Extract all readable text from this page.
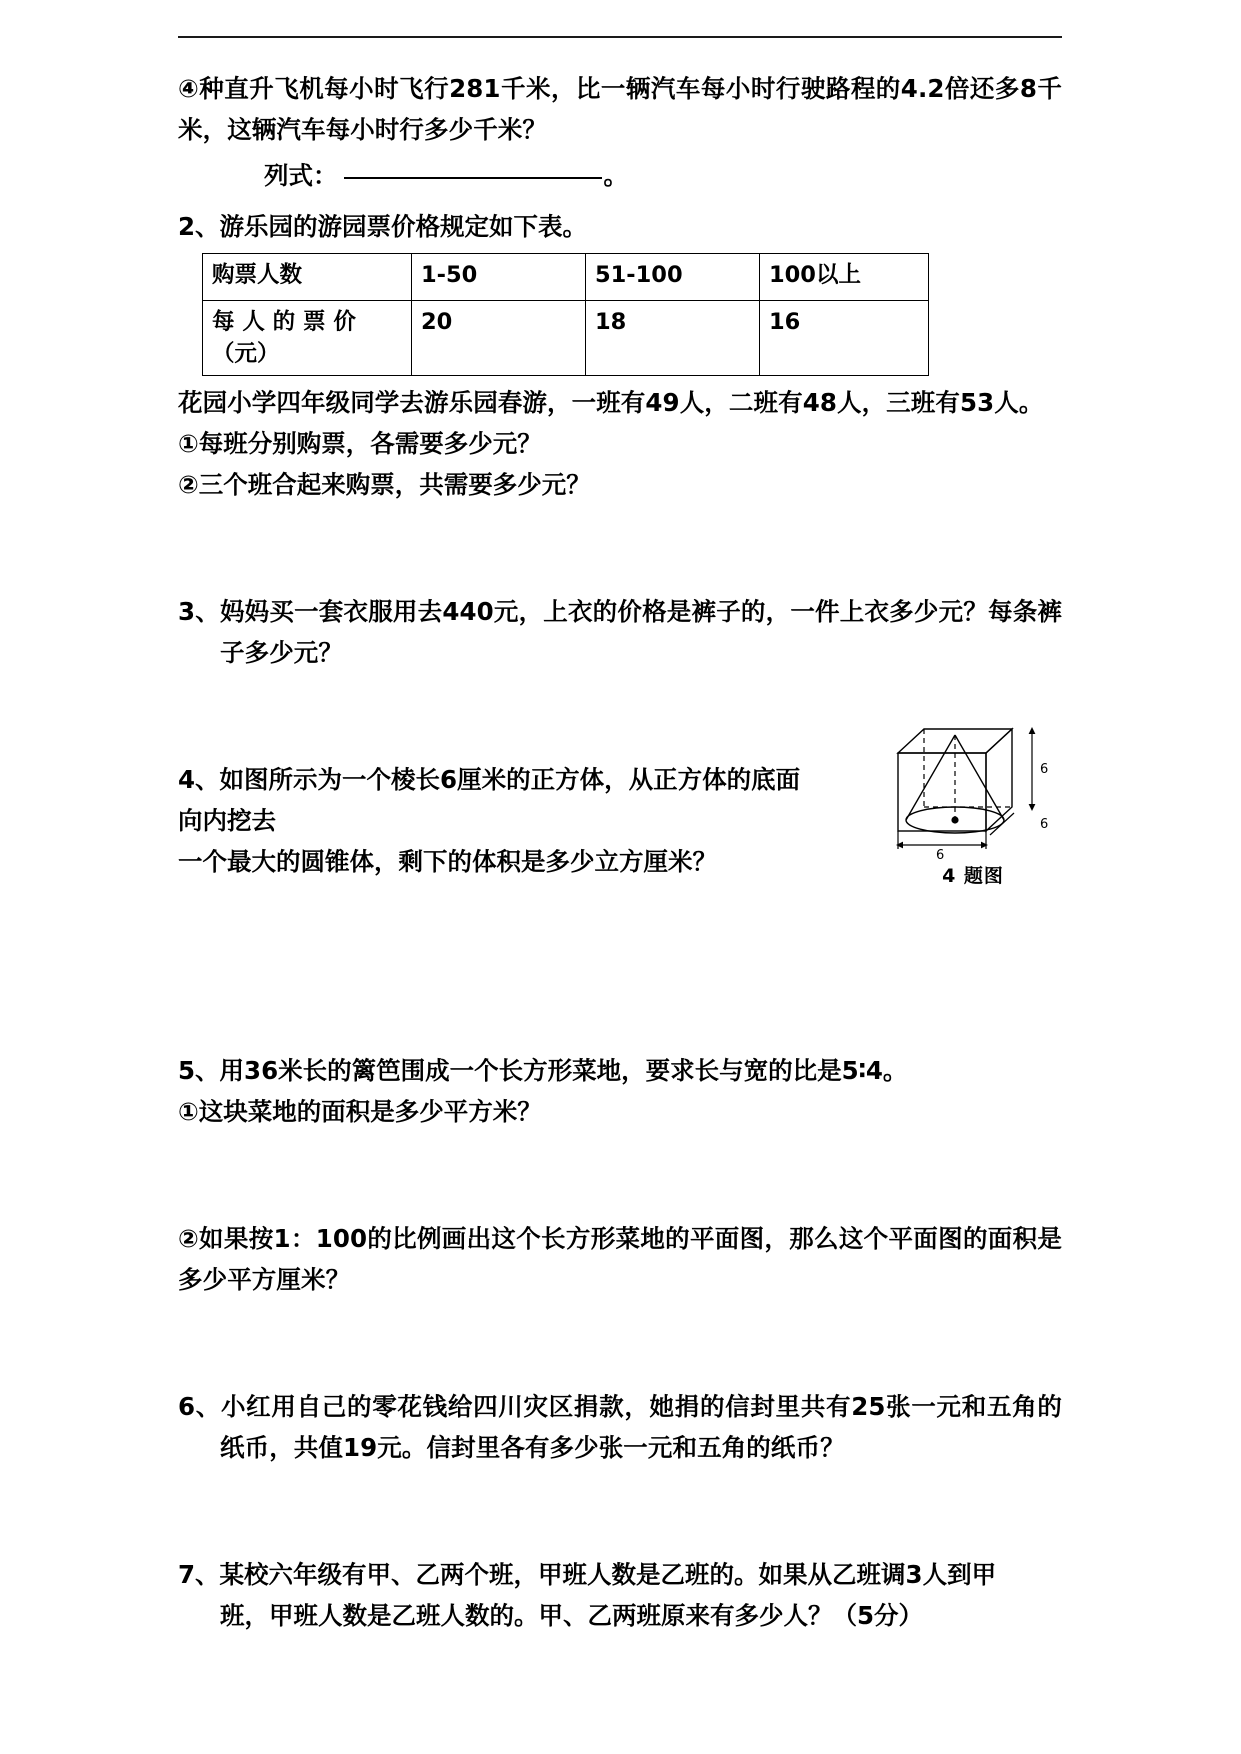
④种直升飞机每小时飞行281千米，比一辆汽车每小时行驶路程的4.2倍还多8千米，这辆汽车每小时行多少千米？

列式：	。

2、游乐园的游园票价格规定如下表。

购票人数	1-50	51-100	100以上

每 人 的 票 价
（元）	20	18	16

花园小学四年级同学去游乐园春游，一班有49人，二班有48人，三班有53人。

①每班分别购票，各需要多少元？

②三个班合起来购票，共需要多少元？

3、妈妈买一套衣服用去440元，上衣的价格是裤子的，一件上衣多少元？每条裤子多少元？

4、如图所示为一个棱长6厘米的正方体，从正方体的底面向内挖去

一个最大的圆锥体，剩下的体积是多少立方厘米？

6
6
6
4 题图

5、用36米长的篱笆围成一个长方形菜地，要求长与宽的比是5∶4。

①这块菜地的面积是多少平方米？

②如果按1：100的比例画出这个长方形菜地的平面图，那么这个平面图的面积是多少平方厘米？

6、小红用自己的零花钱给四川灾区捐款，她捐的信封里共有25张一元和五角的纸币，共值19元。信封里各有多少张一元和五角的纸币？

7、某校六年级有甲、乙两个班，甲班人数是乙班的。如果从乙班调3人到甲

班，甲班人数是乙班人数的。甲、乙两班原来有多少人？（5分）
